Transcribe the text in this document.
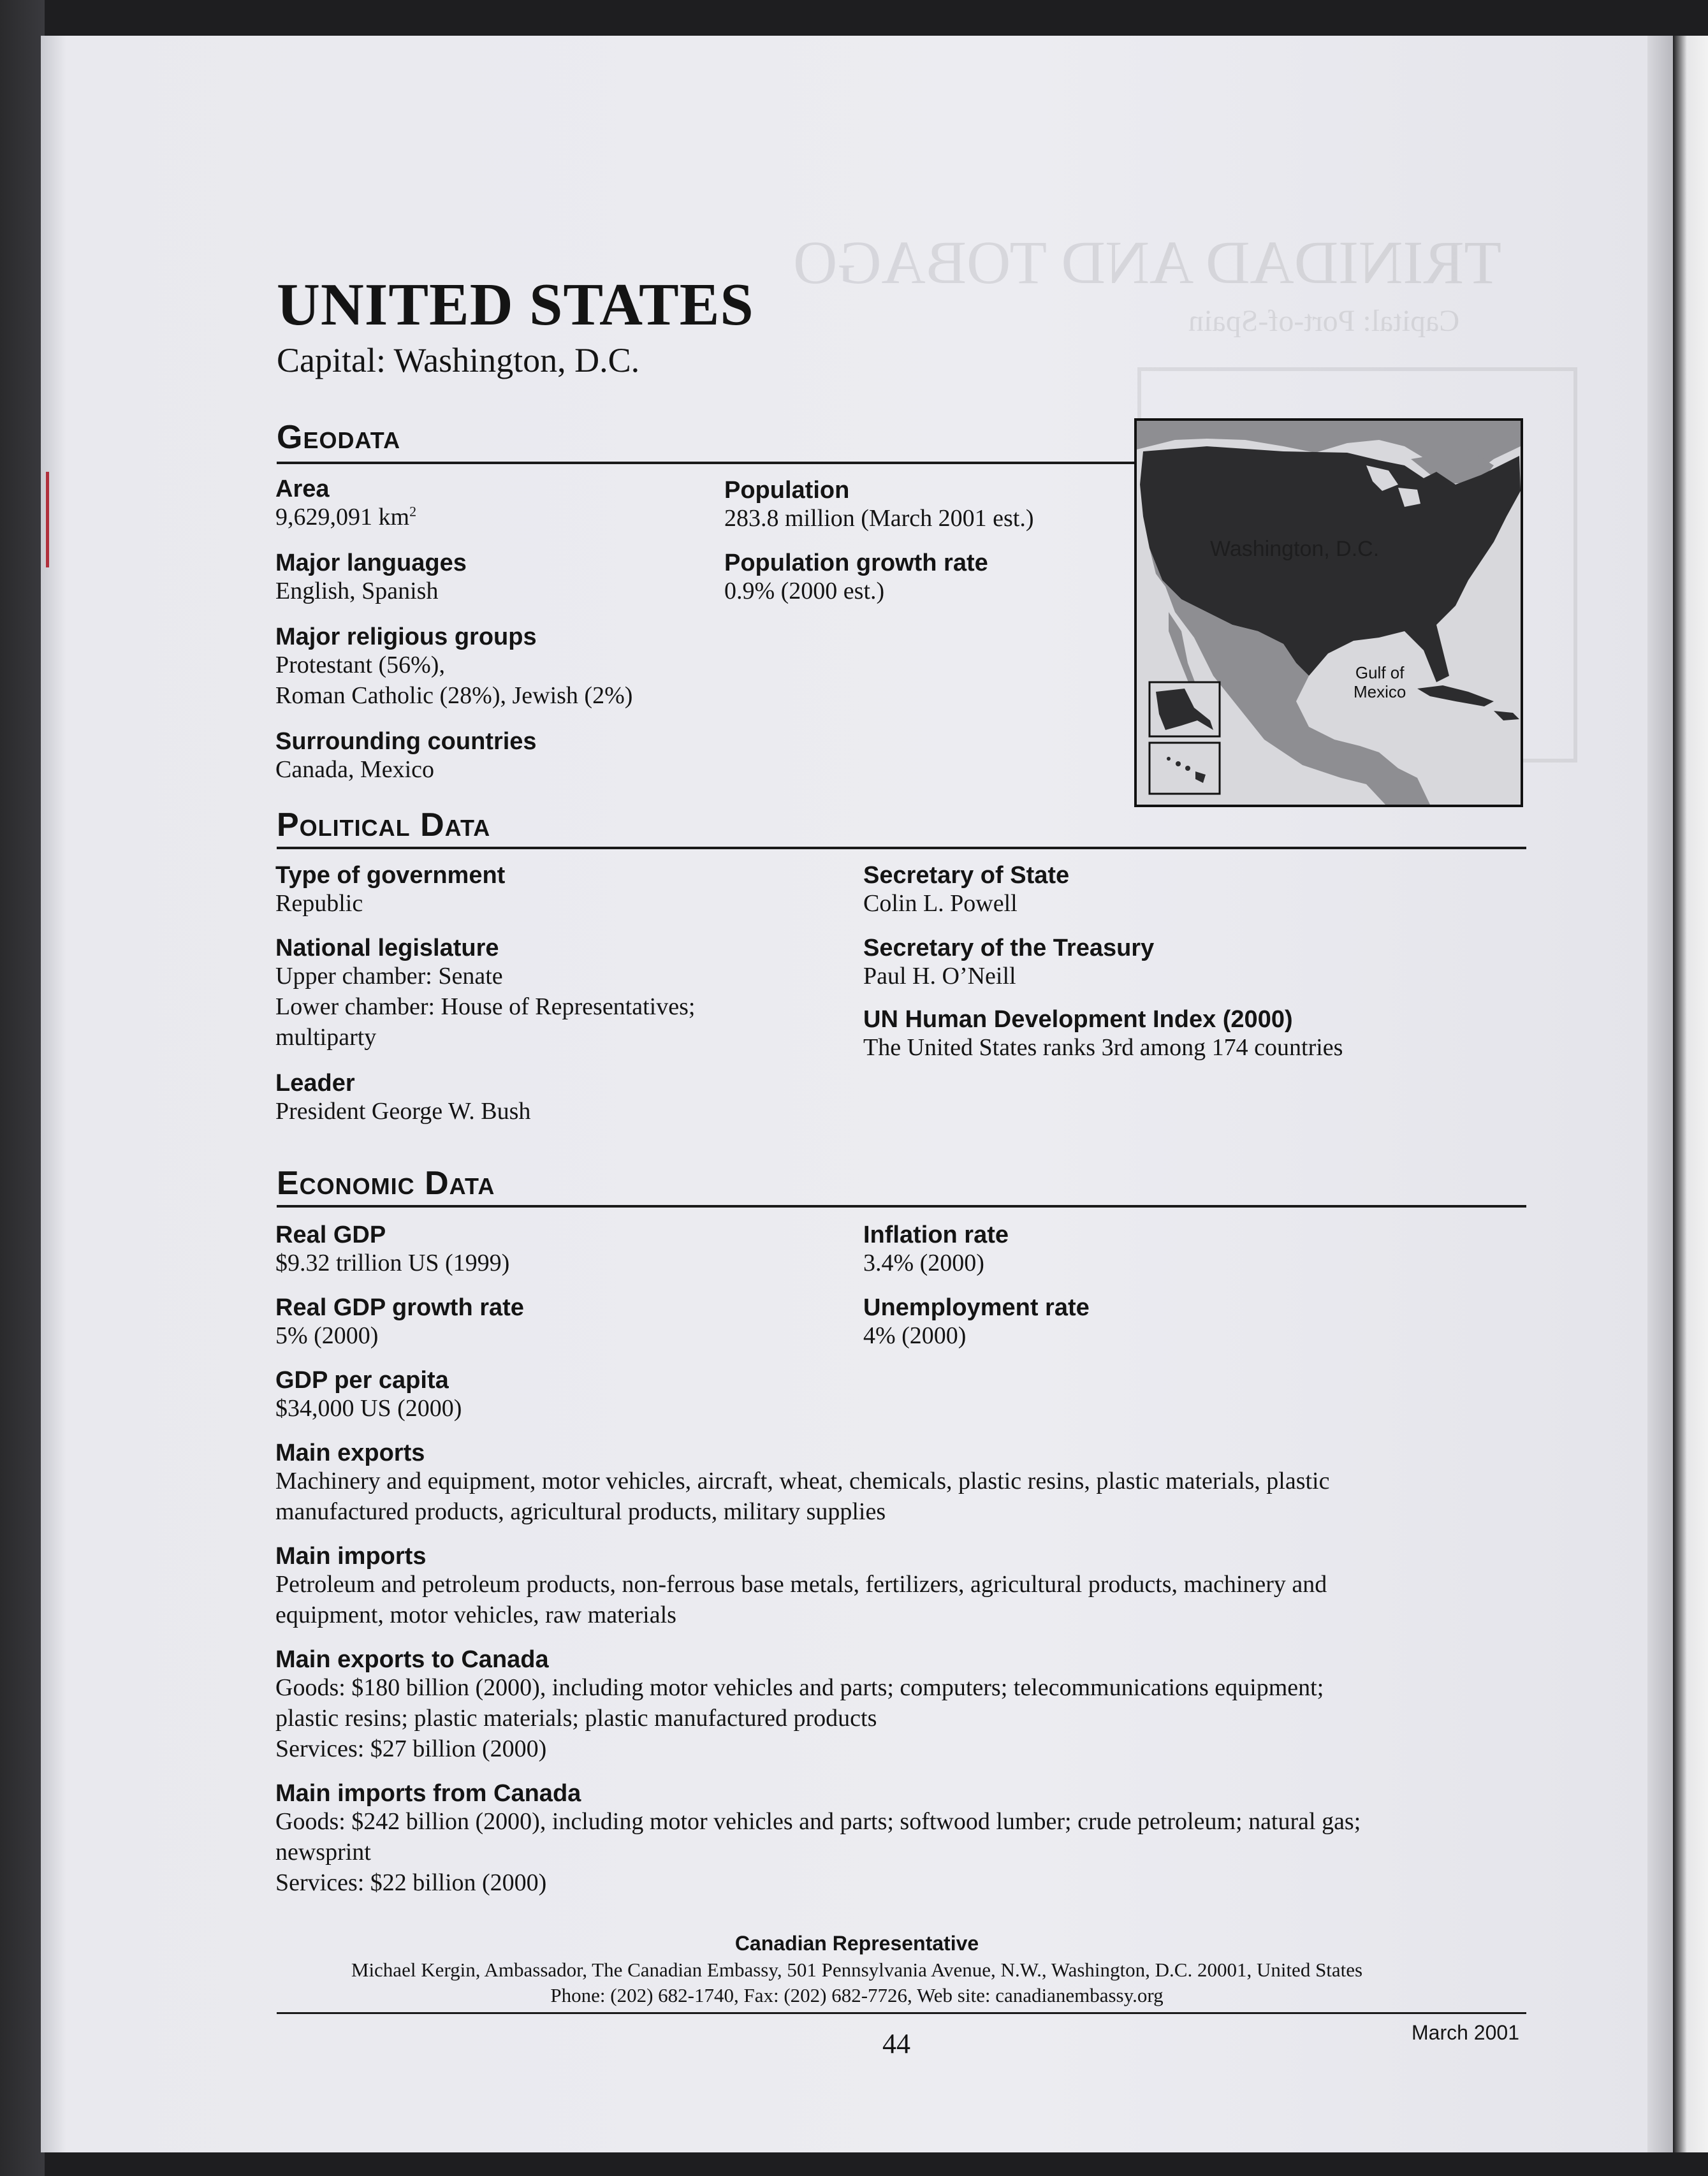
TRINIDAD AND TOBAGO
Capital: Port-of-Spain
UNITED STATES
Capital: Washington, D.C.
Geodata
Area
9,629,091 $km^2$
Major languages
English, Spanish
Major religious groups
Protestant (56%),
Roman Catholic (28%), Jewish (2%)
Surrounding countries
Canada, Mexico
Population
283.8 million (March 2001 est.)
Population growth rate
0.9% (2000 est.)
Washington, D.C.
Gulf of
Mexico
Political Data
Type of government
Republic
National legislature
Upper chamber: Senate
Lower chamber: House of Representatives;
multiparty
Leader
President George W. Bush
Secretary of State
Colin L. Powell
Secretary of the Treasury
Paul H. O’Neill
UN Human Development Index (2000)
The United States ranks 3rd among 174 countries
Economic Data
Real GDP
$9.32 trillion US (1999)
Real GDP growth rate
5% (2000)
GDP per capita
$34,000 US (2000)
Inflation rate
3.4% (2000)
Unemployment rate
4% (2000)
Main exports
Machinery and equipment, motor vehicles, aircraft, wheat, chemicals, plastic resins, plastic materials, plastic
manufactured products, agricultural products, military supplies
Main imports
Petroleum and petroleum products, non-ferrous base metals, fertilizers, agricultural products, machinery and
equipment, motor vehicles, raw materials
Main exports to Canada
Goods: $180 billion (2000), including motor vehicles and parts; computers; telecommunications equipment;
plastic resins; plastic materials; plastic manufactured products
Services: $27 billion (2000)
Main imports from Canada
Goods: $242 billion (2000), including motor vehicles and parts; softwood lumber; crude petroleum; natural gas;
newsprint
Services: $22 billion (2000)
Canadian Representative
Michael Kergin, Ambassador, The Canadian Embassy, 501 Pennsylvania Avenue, N.W., Washington, D.C. 20001, United States
Phone: (202) 682-1740, Fax: (202) 682-7726, Web site: canadianembassy.org
44	March 2001
